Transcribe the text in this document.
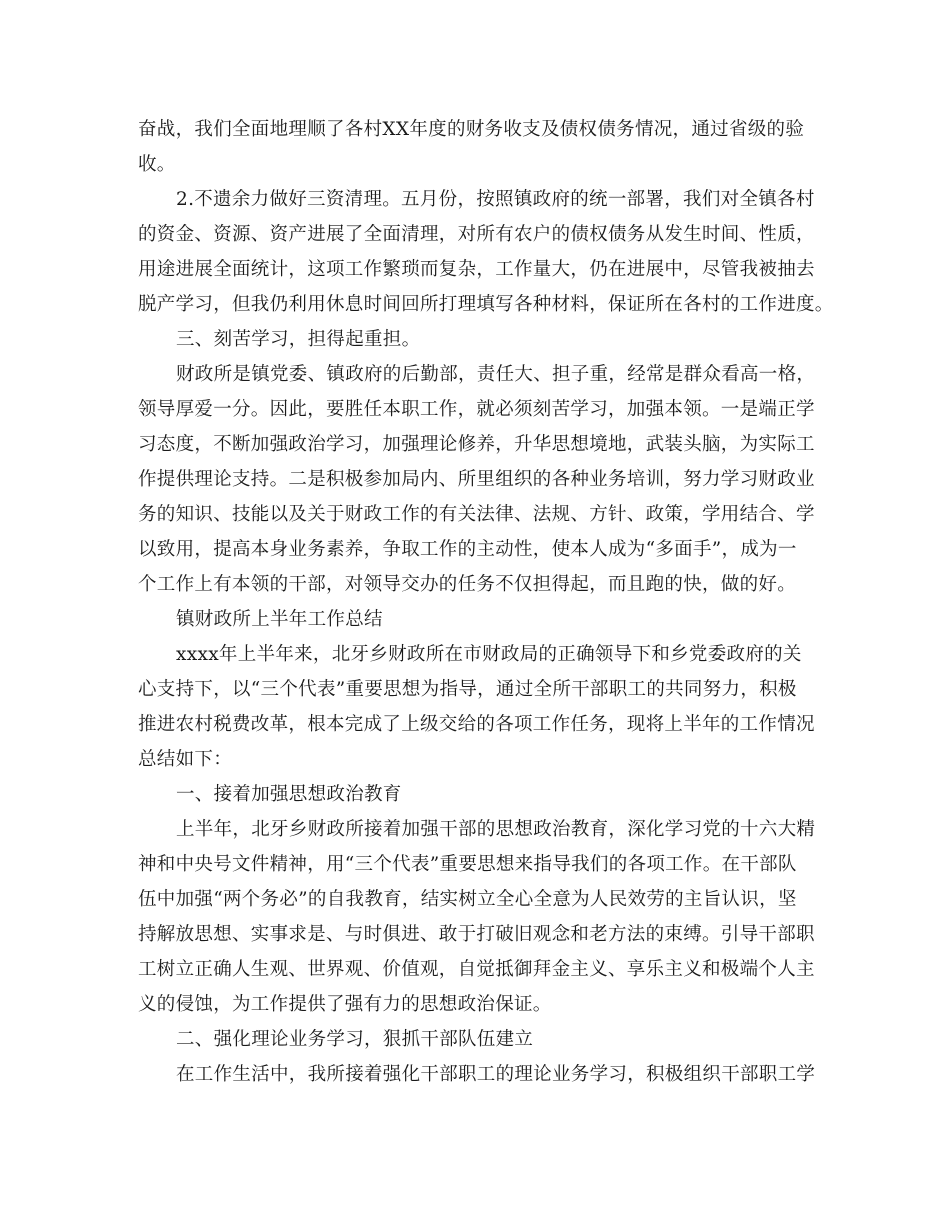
奋战，我们全面地理顺了各村XX年度的财务收支及债权债务情况，通过省级的验
收。
2.不遗余力做好三资清理。五月份，按照镇政府的统一部署，我们对全镇各村
的资金、资源、资产进展了全面清理，对所有农户的债权债务从发生时间、性质，
用途进展全面统计，这项工作繁琐而复杂，工作量大，仍在进展中，尽管我被抽去
脱产学习，但我仍利用休息时间回所打理填写各种材料，保证所在各村的工作进度。
三、刻苦学习，担得起重担。
财政所是镇党委、镇政府的后勤部，责任大、担子重，经常是群众看高一格，
领导厚爱一分。因此，要胜任本职工作，就必须刻苦学习，加强本领。一是端正学
习态度，不断加强政治学习，加强理论修养，升华思想境地，武装头脑，为实际工
作提供理论支持。二是积极参加局内、所里组织的各种业务培训，努力学习财政业
务的知识、技能以及关于财政工作的有关法律、法规、方针、政策，学用结合、学
以致用，提高本身业务素养，争取工作的主动性，使本人成为“多面手”，成为一
个工作上有本领的干部，对领导交办的任务不仅担得起，而且跑的快，做的好。
镇财政所上半年工作总结
xxxx年上半年来，北牙乡财政所在市财政局的正确领导下和乡党委政府的关
心支持下，以“三个代表”重要思想为指导，通过全所干部职工的共同努力，积极
推进农村税费改革，根本完成了上级交给的各项工作任务，现将上半年的工作情况
总结如下：
一、接着加强思想政治教育
上半年，北牙乡财政所接着加强干部的思想政治教育，深化学习党的十六大精
神和中央号文件精神，用“三个代表”重要思想来指导我们的各项工作。在干部队
伍中加强“两个务必”的自我教育，结实树立全心全意为人民效劳的主旨认识，坚
持解放思想、实事求是、与时俱进、敢于打破旧观念和老方法的束缚。引导干部职
工树立正确人生观、世界观、价值观，自觉抵御拜金主义、享乐主义和极端个人主
义的侵蚀，为工作提供了强有力的思想政治保证。
二、强化理论业务学习，狠抓干部队伍建立
在工作生活中，我所接着强化干部职工的理论业务学习，积极组织干部职工学
